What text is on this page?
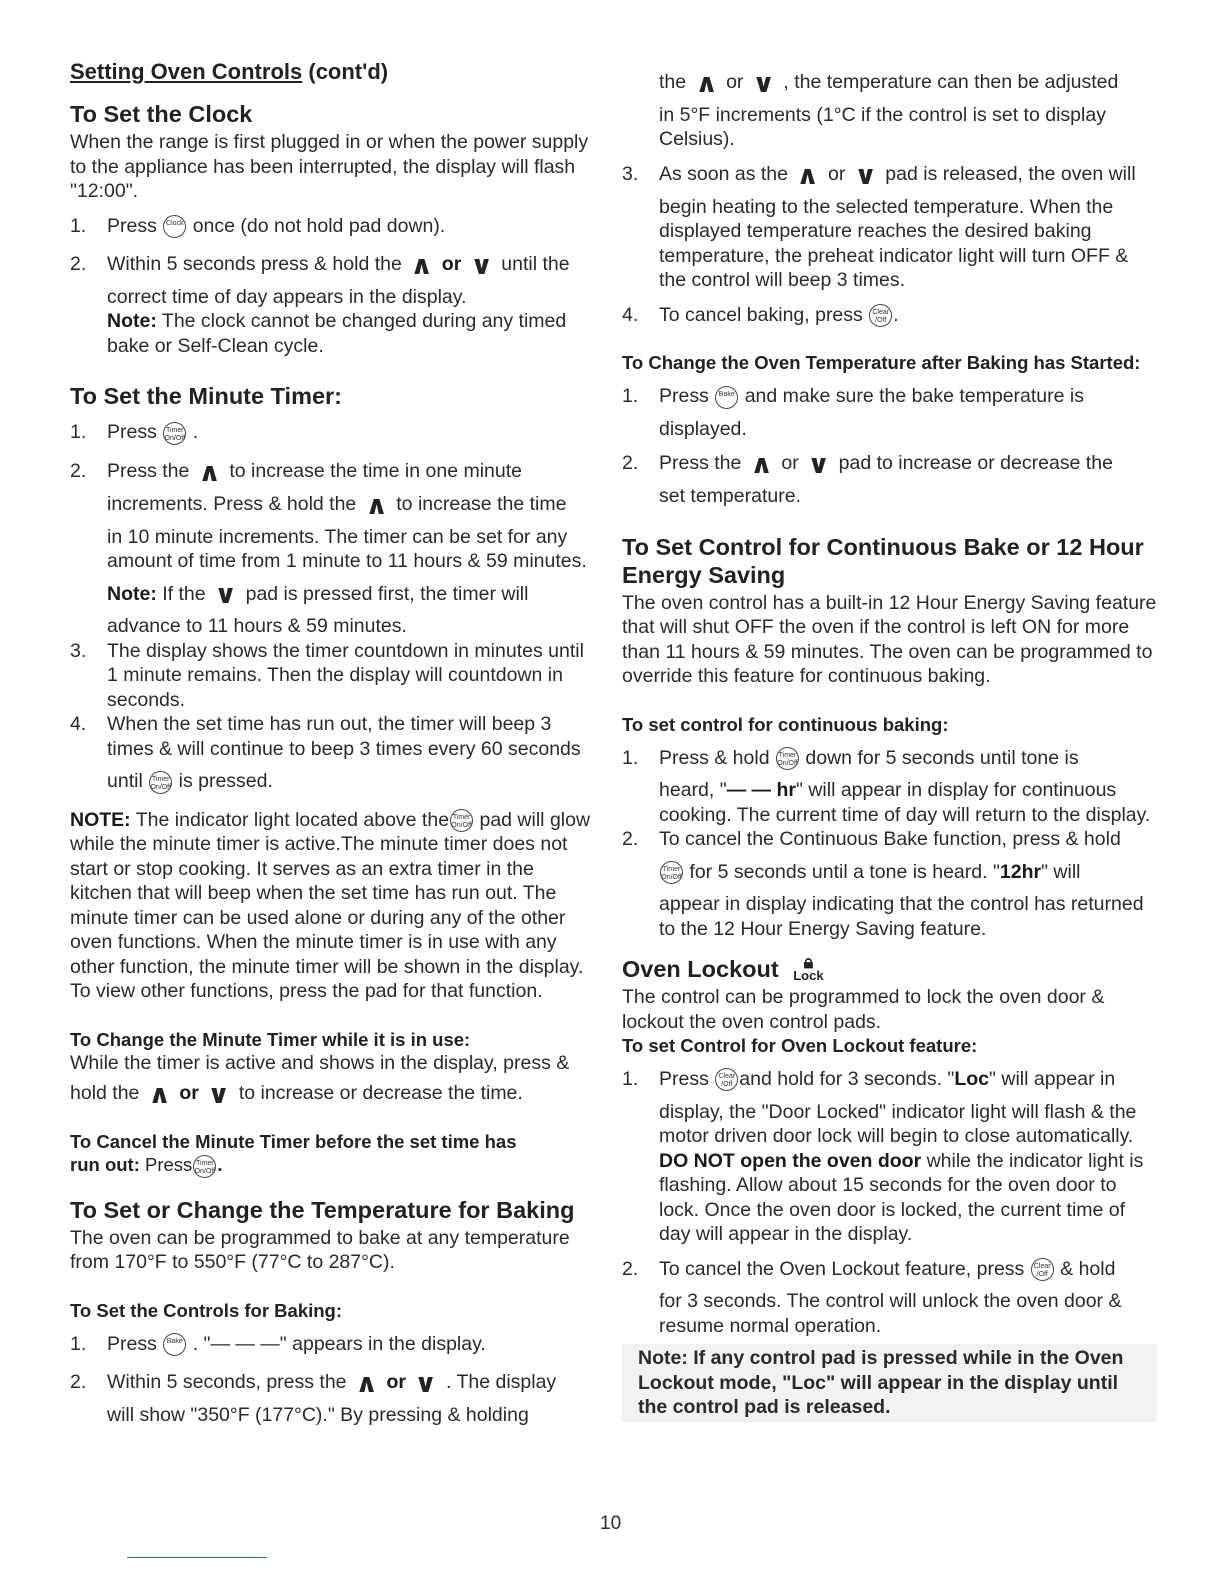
Setting Oven Controls (cont'd)
To Set the Clock

When the range is first plugged in or when the power supply to the appliance has been interrupted, the display will flash "12:00".

1. Press Clock once (do not hold pad down).
2. Within 5 seconds press & hold the ∧ or ∨ until the
correct time of day appears in the display.
Note: The clock cannot be changed during any timed bake or Self-Clean cycle.
To Set the Minute Timer:
1. Press Timer
On/Off .
2. Press the ∧ to increase the time in one minute
increments. Press & hold the ∧ to increase the time
in 10 minute increments. The timer can be set for any amount of time from 1 minute to 11 hours & 59 minutes.
Note: If the ∨ pad is pressed first, the timer will
advance to 11 hours & 59 minutes.
3. The display shows the timer countdown in minutes until 1 minute remains. Then the display will countdown in seconds.
4. When the set time has run out, the timer will beep 3 times & will continue to beep 3 times every 60 seconds
until Timer
On/Off is pressed.

NOTE: The indicator light located above the Timer
On/Off pad will glow while the minute timer is active.The minute timer does not start or stop cooking. It serves as an extra timer in the kitchen that will beep when the set time has run out. The minute timer can be used alone or during any of the other oven functions. When the minute timer is in use with any other function, the minute timer will be shown in the display. To view other functions, press the pad for that function.

To Change the Minute Timer while it is in use:

While the timer is active and shows in the display, press &
hold the ∧ or ∨ to increase or decrease the time.

To Cancel the Minute Timer before the set time has
run out: Press Timer
On/Off .
To Set or Change the Temperature for Baking

The oven can be programmed to bake at any temperature from 170°F to 550°F (77°C to 287°C).

To Set the Controls for Baking:
1. Press Bake . "— — —" appears in the display.
2. Within 5 seconds, press the ∧ or ∨ . The display
will show "350°F (177°C)." By pressing & holding
the ∧ or ∨ , the temperature can then be adjusted
in 5°F increments (1°C if the control is set to display Celsius).
3. As soon as the ∧ or ∨ pad is released, the oven will
begin heating to the selected temperature. When the displayed temperature reaches the desired baking temperature, the preheat indicator light will turn OFF & the control will beep 3 times.
4. To cancel baking, press Clear
/Off .
To Change the Oven Temperature after Baking has Started:
1. Press Bake and make sure the bake temperature is
displayed.
2. Press the ∧ or ∨ pad to increase or decrease the
set temperature.
To Set Control for Continuous Bake or 12 Hour Energy Saving

The oven control has a built-in 12 Hour Energy Saving feature that will shut OFF the oven if the control is left ON for more than 11 hours & 59 minutes. The oven can be programmed to override this feature for continuous baking.

To set control for continuous baking:
1. Press & hold Timer
On/Off down for 5 seconds until tone is
heard, "— — hr" will appear in display for continuous cooking. The current time of day will return to the display.
2. To cancel the Continuous Bake function, press & hold
Timer
On/Off for 5 seconds until a tone is heard. "12hr" will
appear in display indicating that the control has returned to the 12 Hour Energy Saving feature.
Oven Lockout	🔒︎
Lock

The control can be programmed to lock the oven door & lockout the oven control pads.

To set Control for Oven Lockout feature:
1. Press Clear
/Off and hold for 3 seconds. "Loc" will appear in
display, the "Door Locked" indicator light will flash & the motor driven door lock will begin to close automatically. DO NOT open the oven door while the indicator light is flashing. Allow about 15 seconds for the oven door to lock. Once the oven door is locked, the current time of day will appear in the display.
2. To cancel the Oven Lockout feature, press Clear
/Off & hold
for 3 seconds. The control will unlock the oven door & resume normal operation.
Note: If any control pad is pressed while in the Oven Lockout mode, "Loc" will appear in the display until the control pad is released.
10
